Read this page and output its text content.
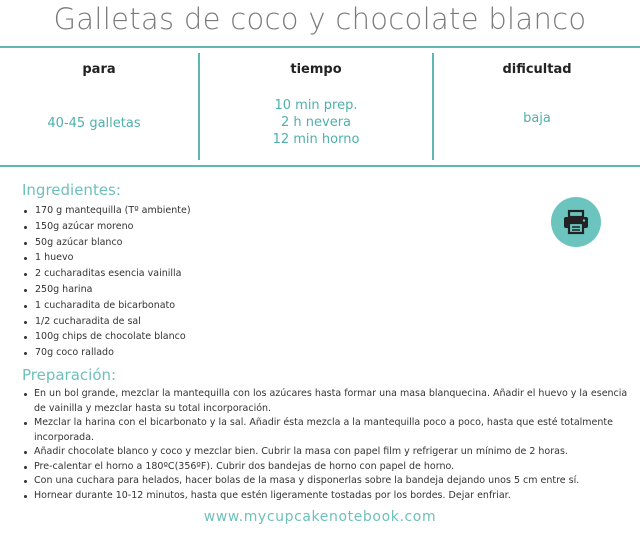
Galletas de coco y chocolate blanco
para
40-45 galletas
tiempo
10 min prep.
2 h nevera
12 min horno
dificultad
baja
Ingredientes:
170 g mantequilla (Tº ambiente)
150g azúcar moreno
50g azúcar blanco
1 huevo
2 cucharaditas esencia vainilla
250g harina
1 cucharadita de bicarbonato
1/2 cucharadita de sal
100g chips de chocolate blanco
70g coco rallado
Preparación:
En un bol grande, mezclar la mantequilla con los azúcares hasta formar una masa blanquecina. Añadir el huevo y la esencia de vainilla y mezclar hasta su total incorporación.
Mezclar la harina con el bicarbonato y la sal. Añadir ésta mezcla a la mantequilla poco a poco, hasta que esté totalmente incorporada.
Añadir chocolate blanco y coco y mezclar bien. Cubrir la masa con papel film y refrigerar un mínimo de 2 horas.
Pre-calentar el horno a 180ºC(356ºF). Cubrir dos bandejas de horno con papel de horno.
Con una cuchara para helados, hacer bolas de la masa y disponerlas sobre la bandeja dejando unos 5 cm entre sí.
Hornear durante 10-12 minutos, hasta que estén ligeramente tostadas por los bordes. Dejar enfriar.
www.mycupcakenotebook.com
